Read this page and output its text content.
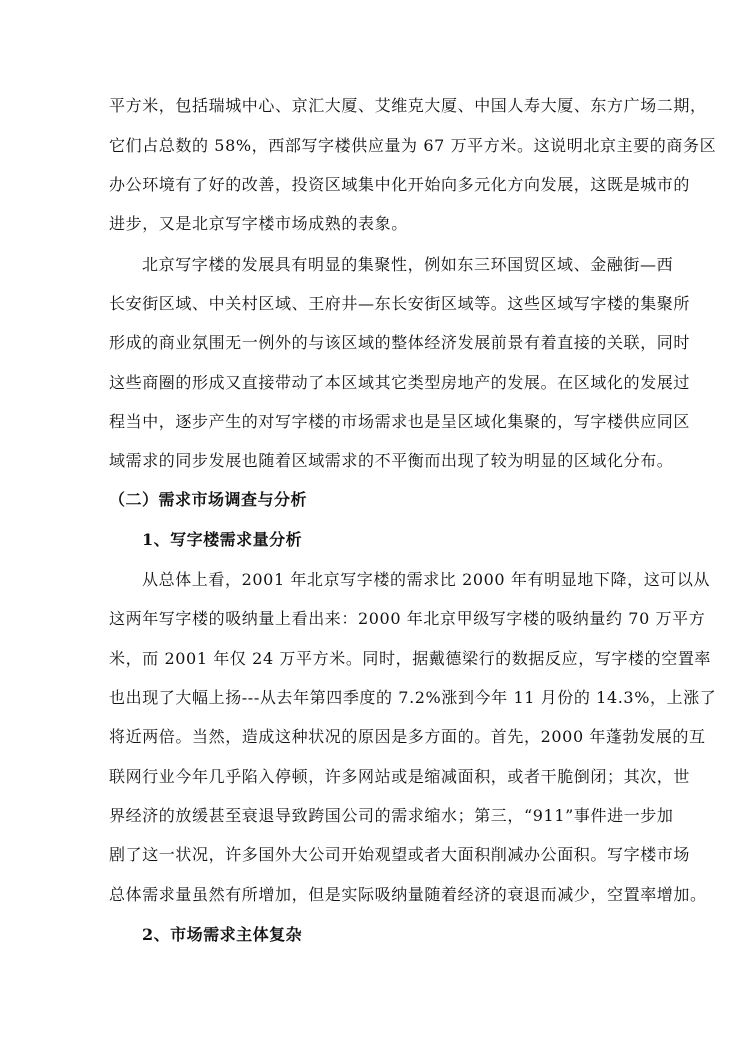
平方米，包括瑞城中心、京汇大厦、艾维克大厦、中国人寿大厦、东方广场二期，
它们占总数的 58%，西部写字楼供应量为 67 万平方米。这说明北京主要的商务区
办公环境有了好的改善，投资区域集中化开始向多元化方向发展，这既是城市的
进步，又是北京写字楼市场成熟的表象。
北京写字楼的发展具有明显的集聚性，例如东三环国贸区域、金融街—西
长安街区域、中关村区域、王府井—东长安街区域等。这些区域写字楼的集聚所
形成的商业氛围无一例外的与该区域的整体经济发展前景有着直接的关联，同时
这些商圈的形成又直接带动了本区域其它类型房地产的发展。在区域化的发展过
程当中，逐步产生的对写字楼的市场需求也是呈区域化集聚的，写字楼供应同区
域需求的同步发展也随着区域需求的不平衡而出现了较为明显的区域化分布。
（二）需求市场调查与分析
1、写字楼需求量分析
从总体上看，2001 年北京写字楼的需求比 2000 年有明显地下降，这可以从
这两年写字楼的吸纳量上看出来：2000 年北京甲级写字楼的吸纳量约 70 万平方
米，而 2001 年仅 24 万平方米。同时，据戴德梁行的数据反应，写字楼的空置率
也出现了大幅上扬---从去年第四季度的 7.2%涨到今年 11 月份的 14.3%，上涨了
将近两倍。当然，造成这种状况的原因是多方面的。首先，2000 年蓬勃发展的互
联网行业今年几乎陷入停顿，许多网站或是缩减面积，或者干脆倒闭；其次，世
界经济的放缓甚至衰退导致跨国公司的需求缩水；第三，“911”事件进一步加
剧了这一状况，许多国外大公司开始观望或者大面积削减办公面积。写字楼市场
总体需求量虽然有所增加，但是实际吸纳量随着经济的衰退而减少，空置率增加。
2、市场需求主体复杂
